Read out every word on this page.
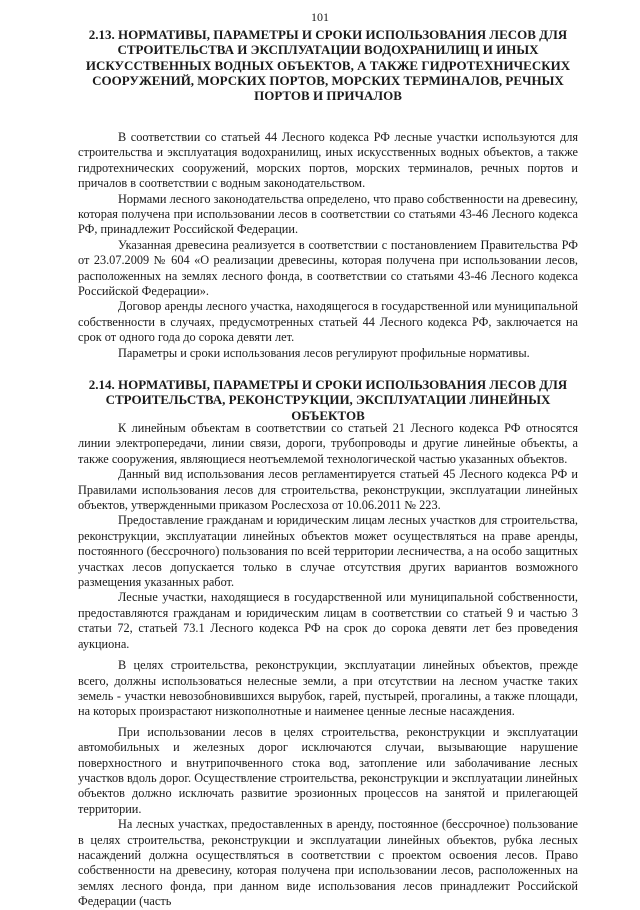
101
2.13. НОРМАТИВЫ, ПАРАМЕТРЫ И СРОКИ ИСПОЛЬЗОВАНИЯ ЛЕСОВ ДЛЯ СТРОИТЕЛЬСТВА И ЭКСПЛУАТАЦИИ ВОДОХРАНИЛИЩ И ИНЫХ ИСКУССТВЕННЫХ ВОДНЫХ ОБЪЕКТОВ, А ТАКЖЕ ГИДРОТЕХНИЧЕСКИХ СООРУЖЕНИЙ, МОРСКИХ ПОРТОВ, МОРСКИХ ТЕРМИНАЛОВ, РЕЧНЫХ ПОРТОВ И ПРИЧАЛОВ

В соответствии со статьей 44 Лесного кодекса РФ лесные участки используются для строительства и эксплуатация водохранилищ, иных искусственных водных объектов, а также гидротехнических сооружений, морских портов, морских терминалов, речных портов и причалов в соответствии с водным законодательством.

Нормами лесного законодательства определено, что право собственности на древесину, которая получена при использовании лесов в соответствии со статьями 43-46 Лесного кодекса РФ, принадлежит Российской Федерации.

Указанная древесина реализуется в соответствии с постановлением Правительства РФ от 23.07.2009 № 604 «О реализации древесины, которая получена при использовании лесов, расположенных на землях лесного фонда, в соответствии со статьями 43-46 Лесного кодекса Российской Федерации».

Договор аренды лесного участка, находящегося в государственной или муниципальной собственности в случаях, предусмотренных статьей 44 Лесного кодекса РФ, заключается на срок от одного года до сорока девяти лет.

Параметры и сроки использования лесов регулируют профильные нормативы.

2.14. НОРМАТИВЫ, ПАРАМЕТРЫ И СРОКИ ИСПОЛЬЗОВАНИЯ ЛЕСОВ ДЛЯ СТРОИТЕЛЬСТВА, РЕКОНСТРУКЦИИ, ЭКСПЛУАТАЦИИ ЛИНЕЙНЫХ ОБЪЕКТОВ

К линейным объектам в соответствии со статьей 21 Лесного кодекса РФ относятся линии электропередачи, линии связи, дороги, трубопроводы и другие линейные объекты, а также сооружения, являющиеся неотъемлемой технологической частью указанных объектов.

Данный вид использования лесов регламентируется статьей 45 Лесного кодекса РФ и Правилами использования лесов для строительства, реконструкции, эксплуатации линейных объектов, утвержденными приказом Рослесхоза от 10.06.2011 № 223.

Предоставление гражданам и юридическим лицам лесных участков для строительства, реконструкции, эксплуатации линейных объектов может осуществляться на праве аренды, постоянного (бессрочного) пользования по всей территории лесничества, а на особо защитных участках лесов допускается только в случае отсутствия других вариантов возможного размещения указанных работ.

Лесные участки, находящиеся в государственной или муниципальной собственности, предоставляются гражданам и юридическим лицам в соответствии со статьей 9 и частью 3 статьи 72, статьей 73.1 Лесного кодекса РФ на срок до сорока девяти лет без проведения аукциона.

В целях строительства, реконструкции, эксплуатации линейных объектов, прежде всего, должны использоваться нелесные земли, а при отсутствии на лесном участке таких земель - участки невозобновившихся вырубок, гарей, пустырей, прогалины, а также площади, на которых произрастают низкополнотные и наименее ценные лесные насаждения.

При использовании лесов в целях строительства, реконструкции и эксплуатации автомобильных и железных дорог исключаются случаи, вызывающие нарушение поверхностного и внутрипочвенного стока вод, затопление или заболачивание лесных участков вдоль дорог. Осуществление строительства, реконструкции и эксплуатации линейных объектов должно исключать развитие эрозионных процессов на занятой и прилегающей территории.

На лесных участках, предоставленных в аренду, постоянное (бессрочное) пользование в целях строительства, реконструкции и эксплуатации линейных объектов, рубка лесных насаждений должна осуществляться в соответствии с проектом освоения лесов. Право собственности на древесину, которая получена при использовании лесов, расположенных на землях лесного фонда, при данном виде использования лесов принадлежит Российской Федерации (часть
